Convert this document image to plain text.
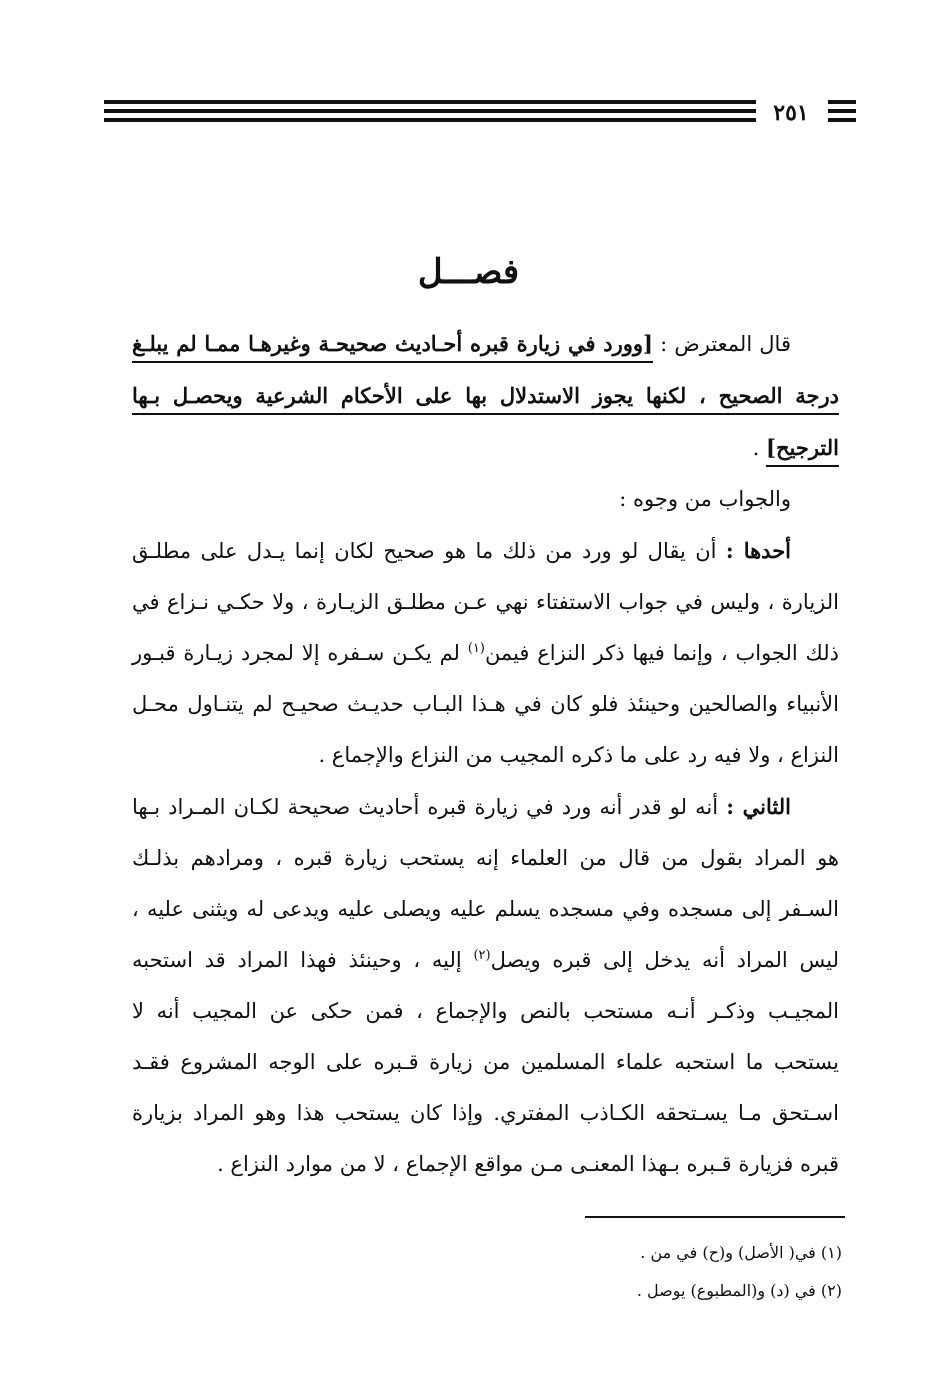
٢٥١
فصـــل

قال المعترض : [وورد في زيارة قبره أحـاديث صحيحـة وغيرهـا ممـا لم يبلـغ درجة الصحيح ، لكنها يجوز الاستدلال بها على الأحكام الشرعية ويحصـل بـها الترجيح] .

والجواب من وجوه :

أحدها : أن يقال لو ورد من ذلك ما هو صحيح لكان إنما يـدل على مطلـق الزيارة ، وليس في جواب الاستفتاء نهي عـن مطلـق الزيـارة ، ولا حكـي نـزاع في ذلك الجواب ، وإنما فيها ذكر النزاع فيمن$^{(١)}$ لم يكـن سـفره إلا لمجرد زيـارة قبـور الأنبياء والصالحين وحينئذ فلو كان في هـذا البـاب حديـث صحيـح لم يتنـاول محـل النزاع ، ولا فيه رد على ما ذكره المجيب من النزاع والإجماع .

الثاني : أنه لو قدر أنه ورد في زيارة قبره أحاديث صحيحة لكـان المـراد بـها هو المراد بقول من قال من العلماء إنه يستحب زيارة قبره ، ومرادهم بذلـك السـفر إلى مسجده وفي مسجده يسلم عليه ويصلى عليه ويدعى له ويثنى عليه ، ليس المراد أنه يدخل إلى قبره ويصل$^{(٢)}$ إليه ، وحينئذ فهذا المراد قد استحبه المجيـب وذكـر أنـه مستحب بالنص والإجماع ، فمن حكى عن المجيب أنه لا يستحب ما استحبه علماء المسلمين من زيارة قـبره على الوجه المشروع فقـد اسـتحق مـا يسـتحقه الكـاذب المفتري. وإذا كان يستحب هذا وهو المراد بزيارة قبره فزيارة قـبره بـهذا المعنـى مـن مواقع الإجماع ، لا من موارد النزاع .

(١) في( الأصل) و(ح) في من .
(٢) في (د) و(المطبوع) يوصل .
